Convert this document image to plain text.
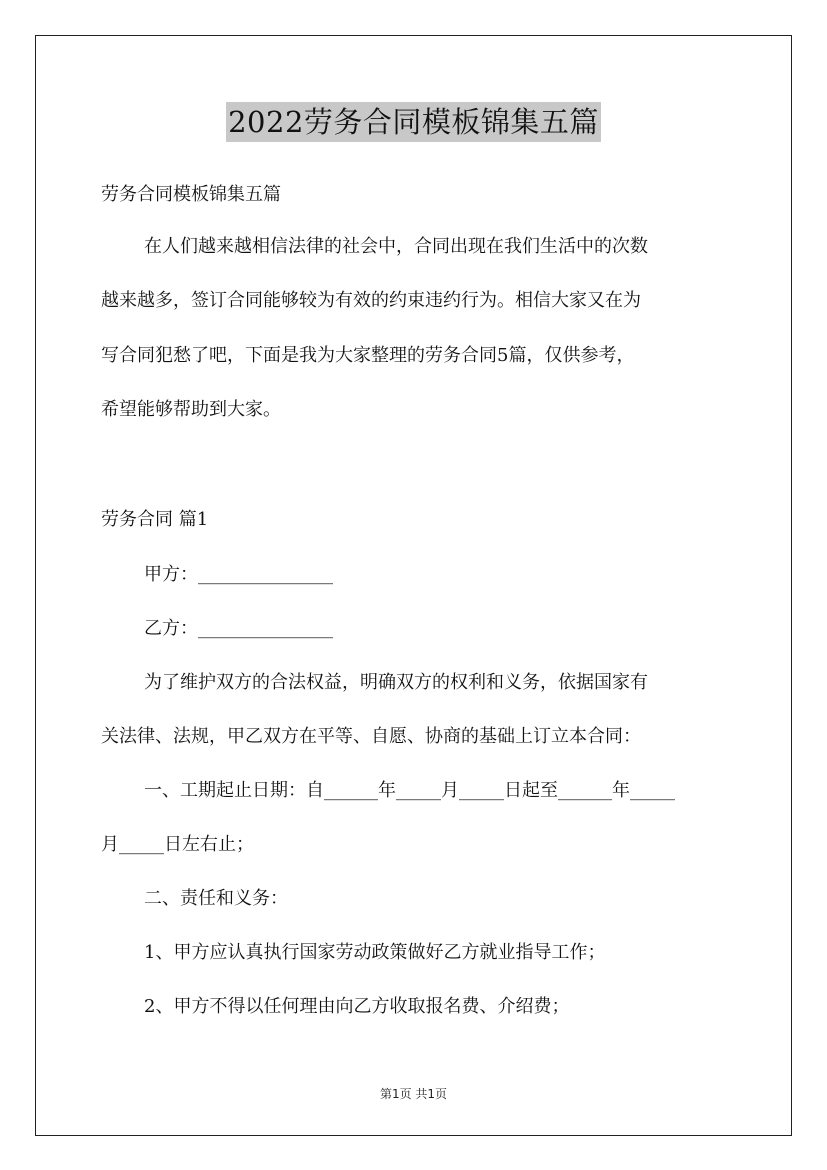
2022劳务合同模板锦集五篇
劳务合同模板锦集五篇
在人们越来越相信法律的社会中，合同出现在我们生活中的次数
越来越多，签订合同能够较为有效的约束违约行为。相信大家又在为
写合同犯愁了吧，下面是我为大家整理的劳务合同5篇，仅供参考，
希望能够帮助到大家。
劳务合同 篇1
甲方：_______________
乙方：_______________
为了维护双方的合法权益，明确双方的权利和义务，依据国家有
关法律、法规，甲乙双方在平等、自愿、协商的基础上订立本合同：
一、工期起止日期：自______年_____月_____日起至______年_____
月_____日左右止；
二、责任和义务：
1、甲方应认真执行国家劳动政策做好乙方就业指导工作；
2、甲方不得以任何理由向乙方收取报名费、介绍费；
第1页 共1页
